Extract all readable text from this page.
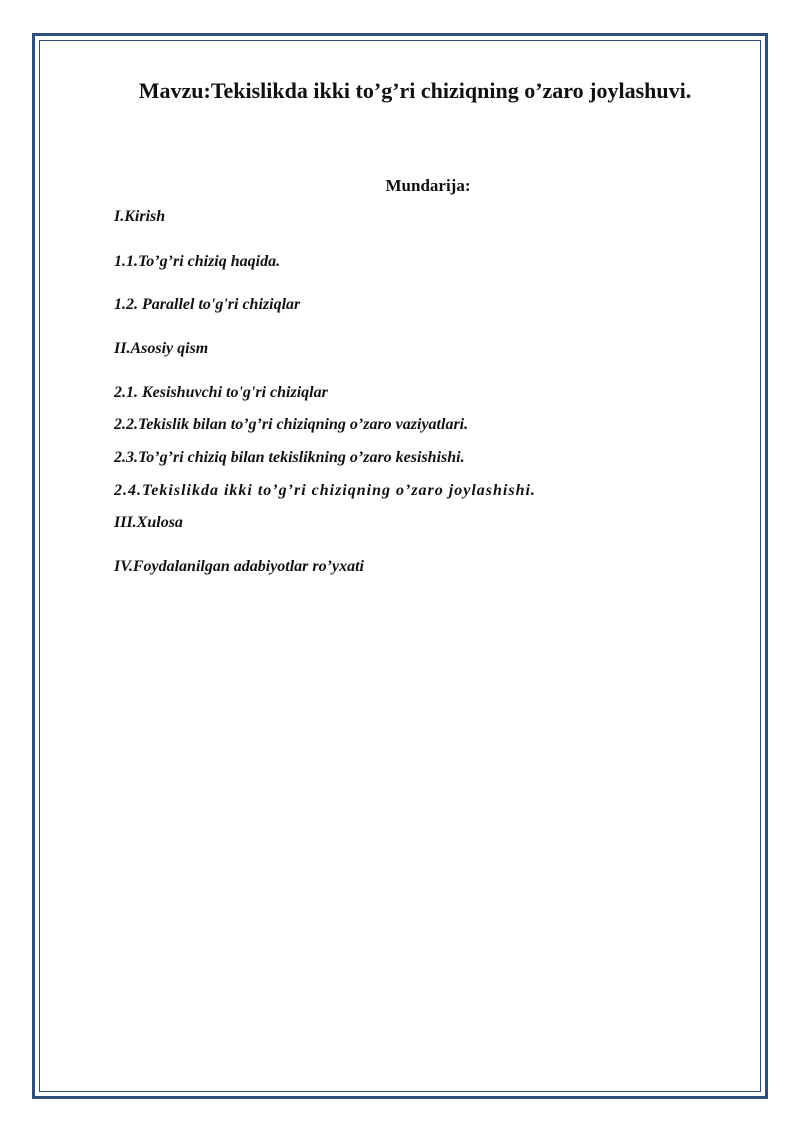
Mavzu:Tekislikda ikki to’g’ri chiziqning o’zaro joylashuvi.
Mundarija:

I.Kirish

1.1.To’g’ri chiziq haqida.

1.2. Parallel to'g'ri chiziqlar

II.Asosiy qism

2.1. Kesishuvchi to'g'ri chiziqlar

2.2.Tekislik bilan to’g’ri chiziqning o’zaro vaziyatlari.

2.3.To’g’ri chiziq bilan tekislikning o’zaro kesishishi.

2.4.Tekislikda ikki to’g’ri chiziqning o’zaro joylashishi.

III.Xulosa

IV.Foydalanilgan adabiyotlar ro’yxati
